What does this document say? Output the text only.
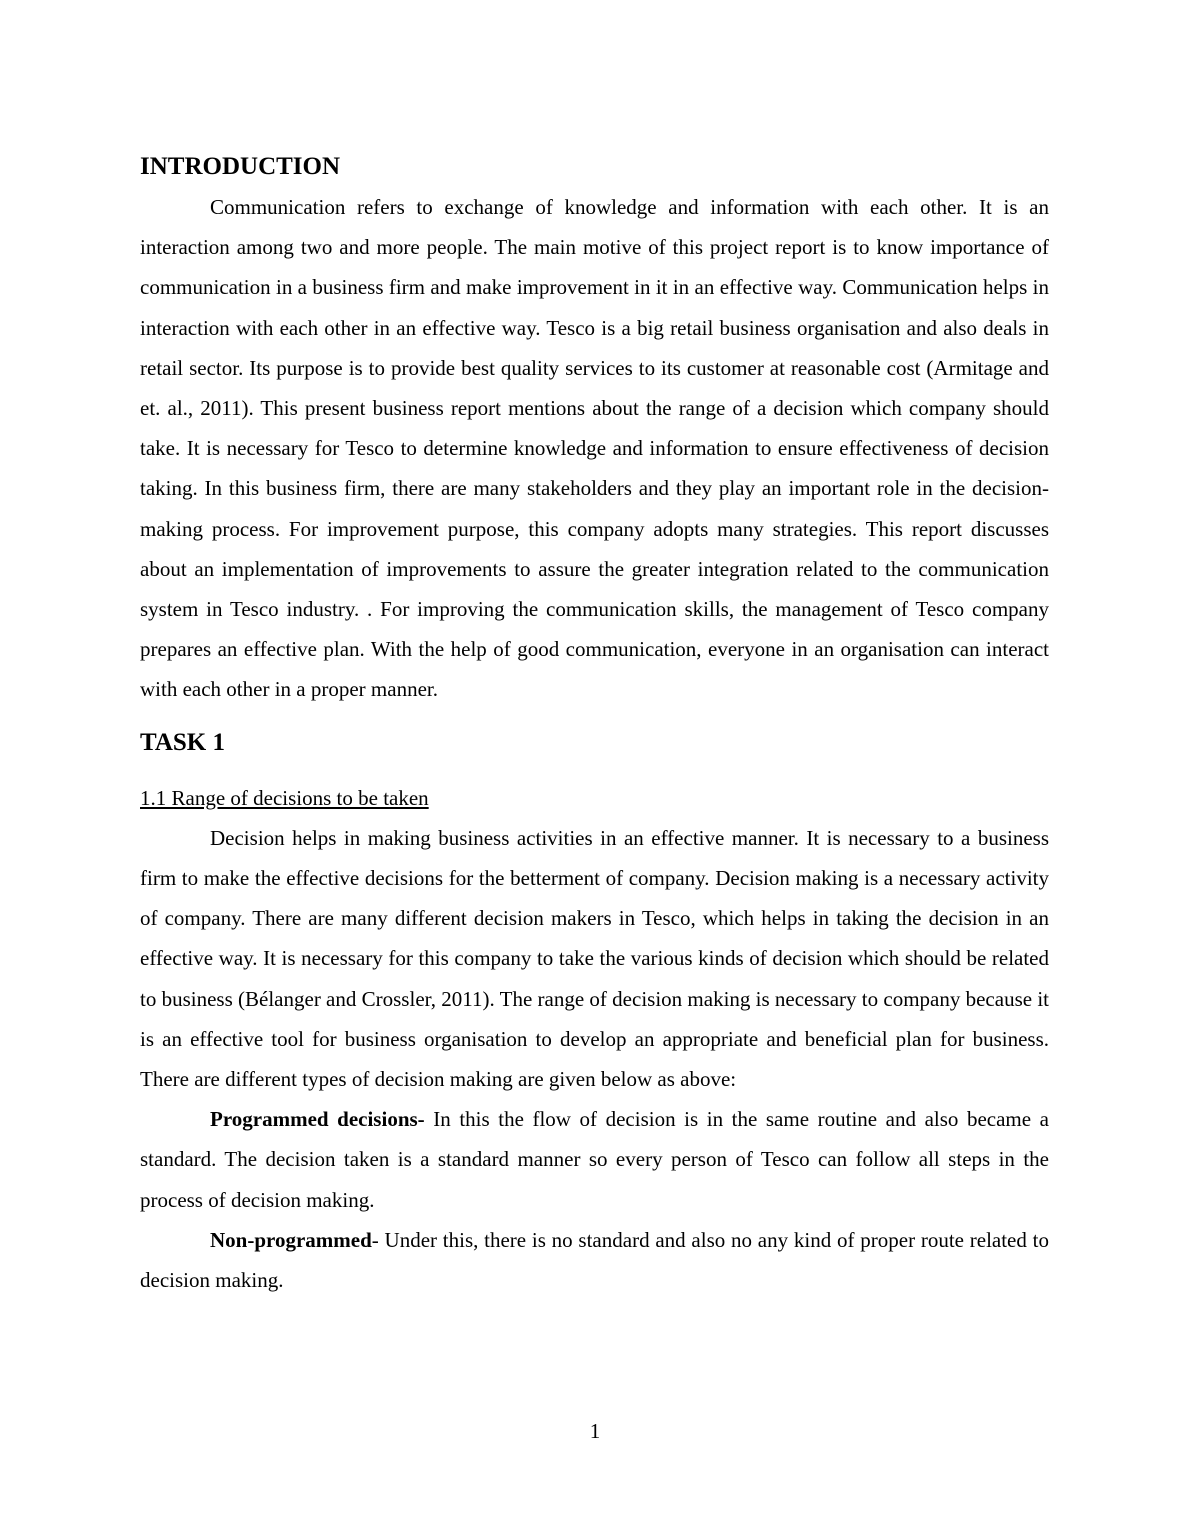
INTRODUCTION

Communication refers to exchange of knowledge and information with each other. It is an interaction among two and more people. The main motive of this project report is to know importance of communication in a business firm and make improvement in it in an effective way. Communication helps in interaction with each other in an effective way. Tesco is a big retail business organisation and also deals in retail sector. Its purpose is to provide best quality services to its customer at reasonable cost (Armitage and et. al., 2011). This present business report mentions about the range of a decision which company should take. It is necessary for Tesco to determine knowledge and information to ensure effectiveness of decision taking. In this business firm, there are many stakeholders and they play an important role in the decision-making process. For improvement purpose, this company adopts many strategies. This report discusses about an implementation of improvements to assure the greater integration related to the communication system in Tesco industry. . For improving the communication skills, the management of Tesco company prepares an effective plan. With the help of good communication, everyone in an organisation can interact with each other in a proper manner.

TASK 1

1.1 Range of decisions to be taken

Decision helps in making business activities in an effective manner. It is necessary to a business firm to make the effective decisions for the betterment of company. Decision making is a necessary activity of company. There are many different decision makers in Tesco, which helps in taking the decision in an effective way. It is necessary for this company to take the various kinds of decision which should be related to business (Bélanger and Crossler, 2011). The range of decision making is necessary to company because it is an effective tool for business organisation to develop an appropriate and beneficial plan for business. There are different types of decision making are given below as above:

Programmed decisions- In this the flow of decision is in the same routine and also became a standard. The decision taken is a standard manner so every person of Tesco can follow all steps in the process of decision making.

Non-programmed- Under this, there is no standard and also no any kind of proper route related to decision making.

1
